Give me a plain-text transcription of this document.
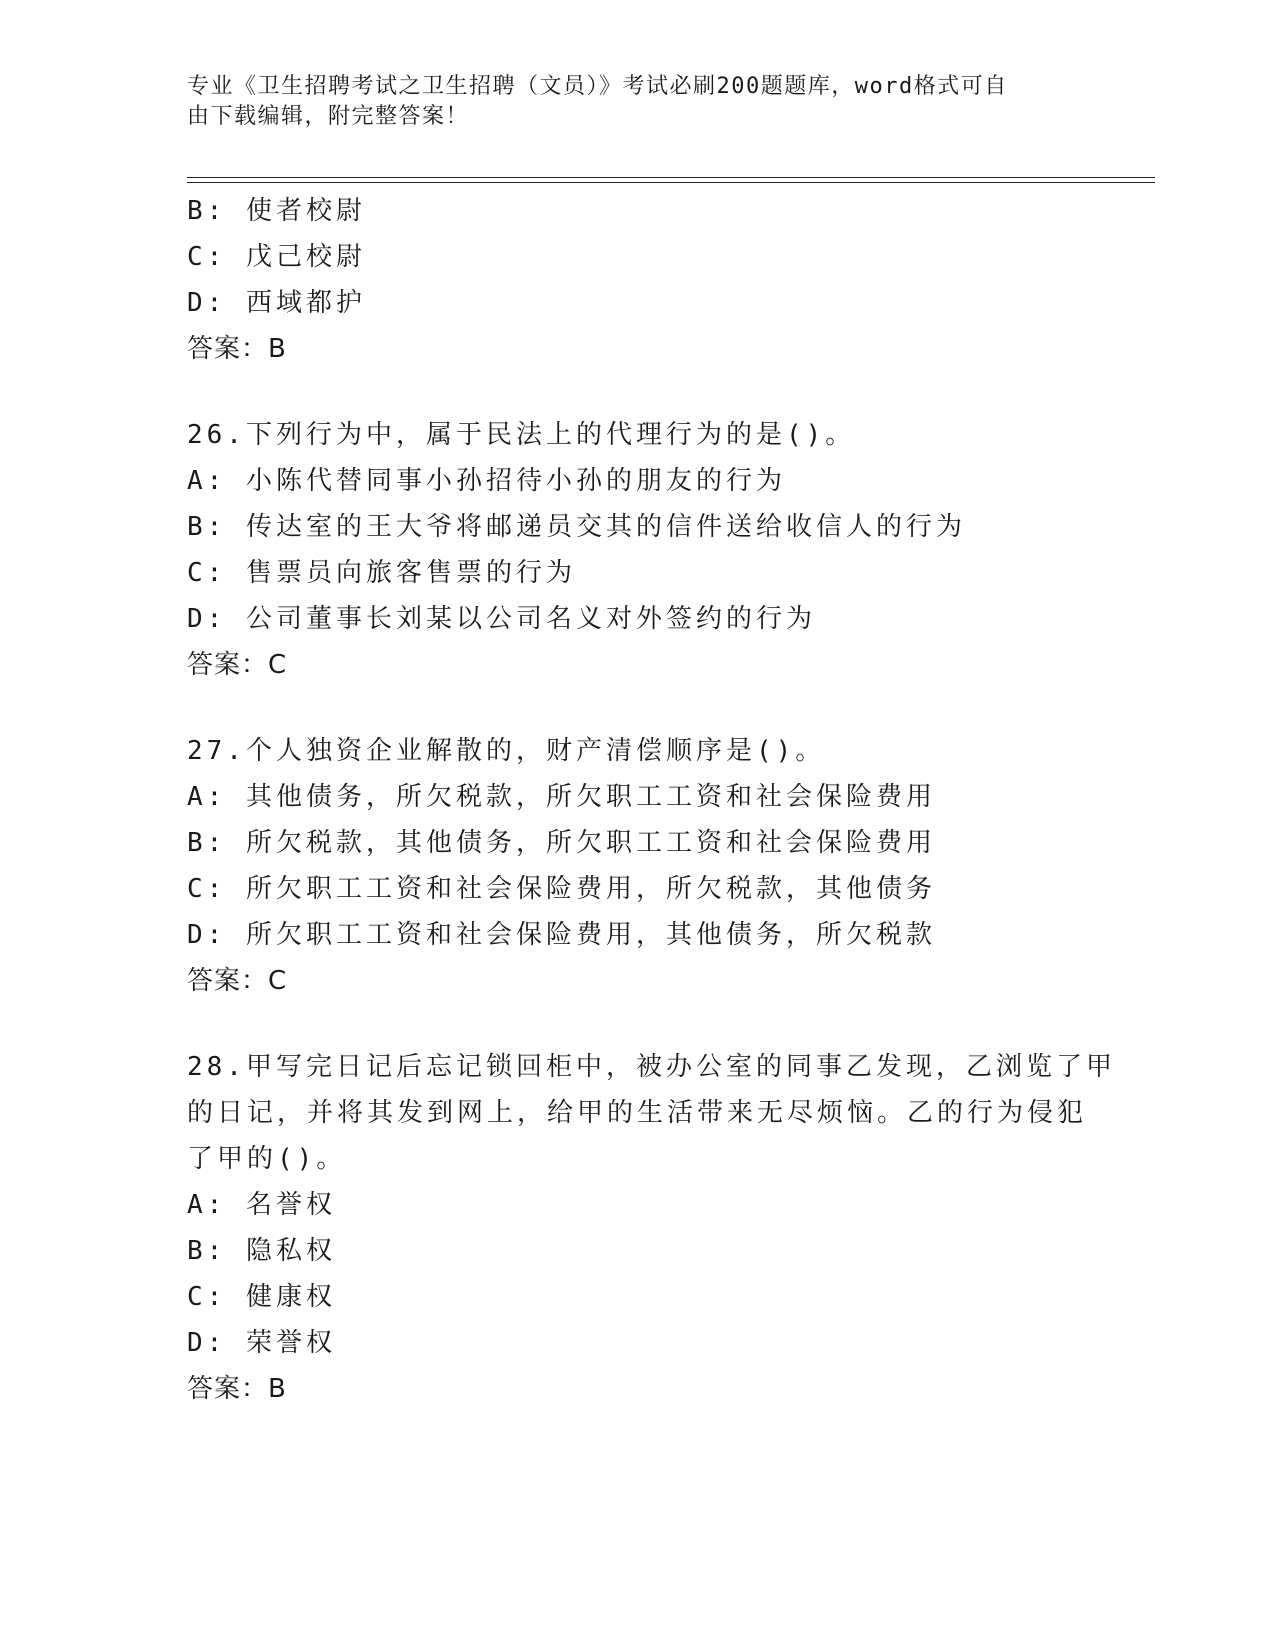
专业《卫生招聘考试之卫生招聘（文员）》考试必刷200题题库，word格式可自
由下载编辑，附完整答案！
B: 使者校尉
C: 戊己校尉
D: 西域都护
答案：B
26.下列行为中，属于民法上的代理行为的是()。
A: 小陈代替同事小孙招待小孙的朋友的行为
B: 传达室的王大爷将邮递员交其的信件送给收信人的行为
C: 售票员向旅客售票的行为
D: 公司董事长刘某以公司名义对外签约的行为
答案：C
27.个人独资企业解散的，财产清偿顺序是()。
A: 其他债务，所欠税款，所欠职工工资和社会保险费用
B: 所欠税款，其他债务，所欠职工工资和社会保险费用
C: 所欠职工工资和社会保险费用，所欠税款，其他债务
D: 所欠职工工资和社会保险费用，其他债务，所欠税款
答案：C
28.甲写完日记后忘记锁回柜中，被办公室的同事乙发现，乙浏览了甲
的日记，并将其发到网上，给甲的生活带来无尽烦恼。乙的行为侵犯
了甲的()。
A: 名誉权
B: 隐私权
C: 健康权
D: 荣誉权
答案：B
